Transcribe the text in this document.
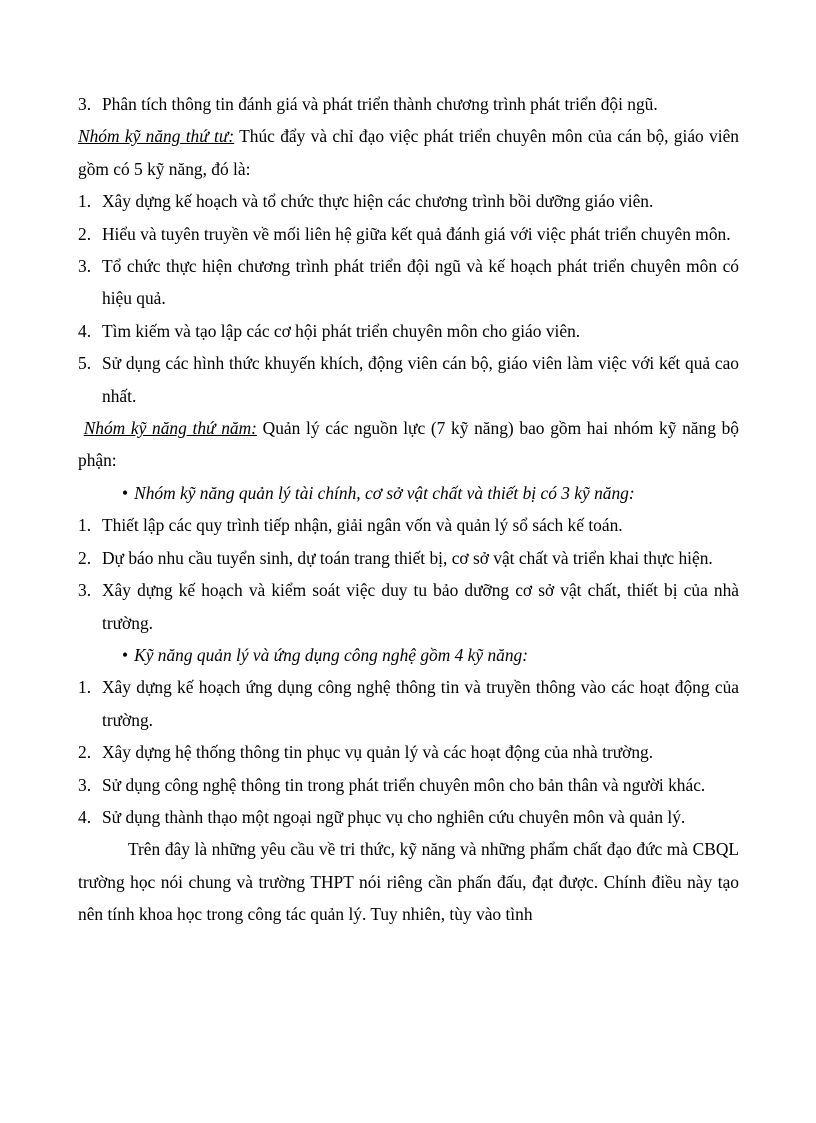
3. Phân tích thông tin đánh giá và phát triển thành chương trình phát triển đội ngũ.

Nhóm kỹ năng thứ tư: Thúc đẩy và chỉ đạo việc phát triển chuyên môn của cán bộ, giáo viên gồm có 5 kỹ năng, đó là:

1. Xây dựng kế hoạch và tổ chức thực hiện các chương trình bồi dưỡng giáo viên.
2. Hiểu và tuyên truyền về mối liên hệ giữa kết quả đánh giá với việc phát triển chuyên môn.
3. Tổ chức thực hiện chương trình phát triển đội ngũ và kế hoạch phát triển chuyên môn có hiệu quả.
4. Tìm kiếm và tạo lập các cơ hội phát triển chuyên môn cho giáo viên.
5. Sử dụng các hình thức khuyến khích, động viên cán bộ, giáo viên làm việc với kết quả cao nhất.

Nhóm kỹ năng thứ năm: Quản lý các nguồn lực (7 kỹ năng) bao gồm hai nhóm kỹ năng bộ phận:

• Nhóm kỹ năng quản lý tài chính, cơ sở vật chất và thiết bị có 3 kỹ năng:
1. Thiết lập các quy trình tiếp nhận, giải ngân vốn và quản lý sổ sách kế toán.
2. Dự báo nhu cầu tuyển sinh, dự toán trang thiết bị, cơ sở vật chất và triển khai thực hiện.
3. Xây dựng kế hoạch và kiểm soát việc duy tu bảo dưỡng cơ sở vật chất, thiết bị của nhà trường.
• Kỹ năng quản lý và ứng dụng công nghệ gồm 4 kỹ năng:
1. Xây dựng kế hoạch ứng dụng công nghệ thông tin và truyền thông vào các hoạt động của trường.
2. Xây dựng hệ thống thông tin phục vụ quản lý và các hoạt động của nhà trường.
3. Sử dụng công nghệ thông tin trong phát triển chuyên môn cho bản thân và người khác.
4. Sử dụng thành thạo một ngoại ngữ phục vụ cho nghiên cứu chuyên môn và quản lý.

Trên đây là những yêu cầu về tri thức, kỹ năng và những phẩm chất đạo đức mà CBQL trường học nói chung và trường THPT nói riêng cần phấn đấu, đạt được. Chính điều này tạo nên tính khoa học trong công tác quản lý. Tuy nhiên, tùy vào tình
